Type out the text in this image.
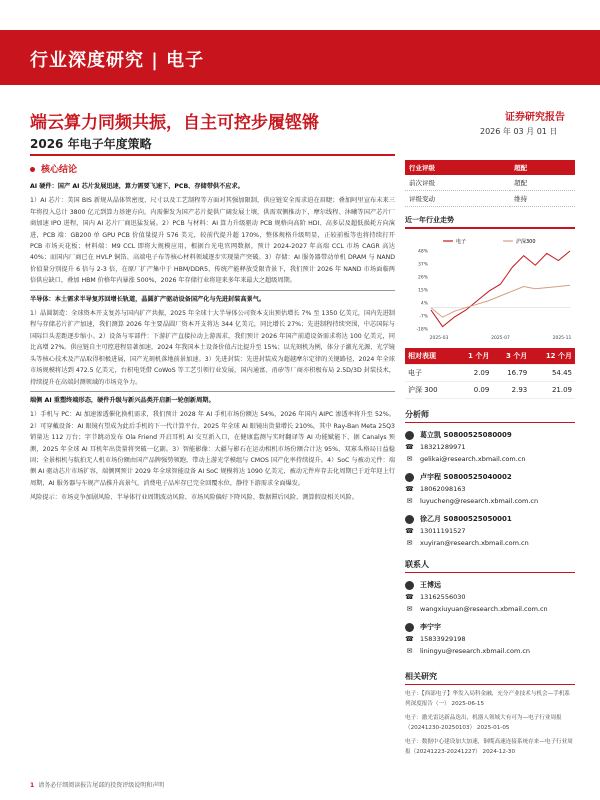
行业深度研究 | 电子
端云算力同频共振，自主可控步履铿锵
2026 年电子年度策略
证券研究报告
2026 年 03 月 01 日
核心结论

AI 硬件：国产 AI 芯片发展迅速，算力需要飞速下，PCB、存储带供不应求。

1）AI 芯片：美国 BIS 新规从晶体管密度、尺寸以及工艺制程等方面对其强加限制，供应链安全需求迫在眉睫；叠加阿里宣布未来三年将投入总计 3800 亿元到算力基建方向，内需催发为国产芯片提供广阔发展土壤，供需双侧推动下，摩尔线程、沐曦等国产芯片厂商加速 IPO 进程，国内 AI 芯片厂商迅猛发展。2）PCB 与材料：AI 算力升级驱动 PCB 规格向高阶 HDI、高多层及超低损耗方向演进，PCB 端：GB200 单 GPU PCB 价值量提升 576 美元，较前代提升超 170%，整体规格升级明显，正较前板等也将持续打开 PCB 市场天花板；材料端：M9 CCL 即将大规模应用，根据台光电官网数据，预计 2024-2027 年高端 CCL 市场 CAGR 高达 40%；而国内厂商已在 HVLP 铜箔、高端电子布等核心材料领域逐步实现量产突破。3）存储：AI 服务器带动单机 DRAM 与 NAND 价值量分别提升 6 倍与 2-3 倍，在原厂扩产集中于 HBM/DDR5、传统产能释放受限背景下，我们预计 2026 年 NAND 市场面临两倍供应缺口，叠加 HBM 价格年内暴涨 500%，2026 年存储行业将迎来多年来最大之超级周期。

半导体：本土需求半导复苏回增长轨道，晶圆扩产驱动设备国产化与先进封装高景气。

1）晶圆制造：全球资本开支复苏与国内扩产共振，2025 年全球十大半导体公司资本支出预估增长 7% 至 1350 亿美元，国内先进制程与存储芯片扩产加速，我们测算 2026 年主要晶圆厂资本开支将达 344 亿美元，同比增长 27%；先进制程持续突围，中芯国际与国际巨头差距逐步缩小。2）设备与零部件：下游扩产直接拉动上游需求，我们预计 2026 年国产前道设备需求将达 100 亿美元，同比高增 27%。供应链自主可控进程显著加速，2024 年我国本土设备价值占比提升至 15%；以光刻机为例，体分子激光光源、光学镜头等核心技术及产品取得积极进展，国产光刻机落地前景加速。3）先进封装：先进封装成为超越摩尔定律的关键路径，2024 年全球市场规模将达到 472.5 亿美元，台积电凭借 CoWoS 等工艺引领行业发展，国内通富、甬矽等厂商亦积极布局 2.5D/3D 封装技术，持续提升在高端封测领域的市场竞争力。

端侧 AI 重塑终端形态，硬件升级与新兴品类开启新一轮创新周期。

1）手机与 PC：AI 加速渗透催化换机需求，我们预计 2028 年 AI 手机市场份额达 54%，2026 年国内 AIPC 渗透率将升至 52%。2）可穿戴设备：AI 眼镜有望成为此后手机的下一代计算平台，2025 年全球 AI 眼镜出货量增长 210%，其中 Ray-Ban Meta 25Q3 销量达 112 万台；字节跳动发布 Ola Friend 开启耳机 AI 交互新入口，在健康监测与实时翻译等 AI 功能赋能下，据 Canalys 预测，2025 年全球 AI 耳机年出货量将突破一亿副。3）智能影像：大疆与影石在运动相机市场份额合计达 95%，双寡头格局日益稳固；全景相机与航拍无人机市场份额由国产品牌强势领跑，带动上游光学模组与 CMOS 国产化率持续提升。4）SoC 与被动元件：端侧 AI 驱动芯片市场扩容，端侧网预计 2029 年全球智能设备 AI SoC 规模将达 1090 亿美元，被动元件库存去化周期已于近年迎上行周期，AI 服务器与车规产品推升高景气，消费电子品库存已完全回覆水位，静待下游需求全面爆发。

风险提示：市场竞争加剧风险、半导体行业周期波动风险、市场风险偏好下降风险、数据滞后风险、测算假设相关风险。

行业评级	超配
前次评级	超配
评级变动	维持
近一年行业走势
电子	沪深300
48%
37%
26%
15%
4%
-7%
-18%
2025-03	2025-07	2025-11
相对表现	1 个月	3 个月	12 个月
电子	2.09	16.79	54.45
沪深 300	0.09	2.93	21.09
分析师
葛立凯 S0800525080009
☎ 18321289971
✉ gelikai@research.xbmail.com.cn
卢宇程 S0800525040002
☎ 18062098163
✉ luyucheng@research.xbmail.com.cn
徐乙月 S0800525050001
☎ 13011191527
✉ xuyiran@research.xbmail.com.cn
联系人
王博远
☎ 13162556030
✉ wangxiuyuan@research.xbmail.com.cn
李宁宇
☎ 15833929198
✉ liningyu@research.xbmail.com.cn
相关研究
电子：【西部电子】华发入局科金融，充分产业技术与机会—手机系列深度报告（一） 2025-06-15
电子：激光雷达新品迭出，机器人领域大有可为—电子行业周报（20241230-20250103） 2025-01-05
电子：数据中心建设加大加速，铜缆高速连接系统存来—电子行业周报（20241223-20241227） 2024-12-30
1 请务必仔细阅读报告尾部的投资评级说明和声明
